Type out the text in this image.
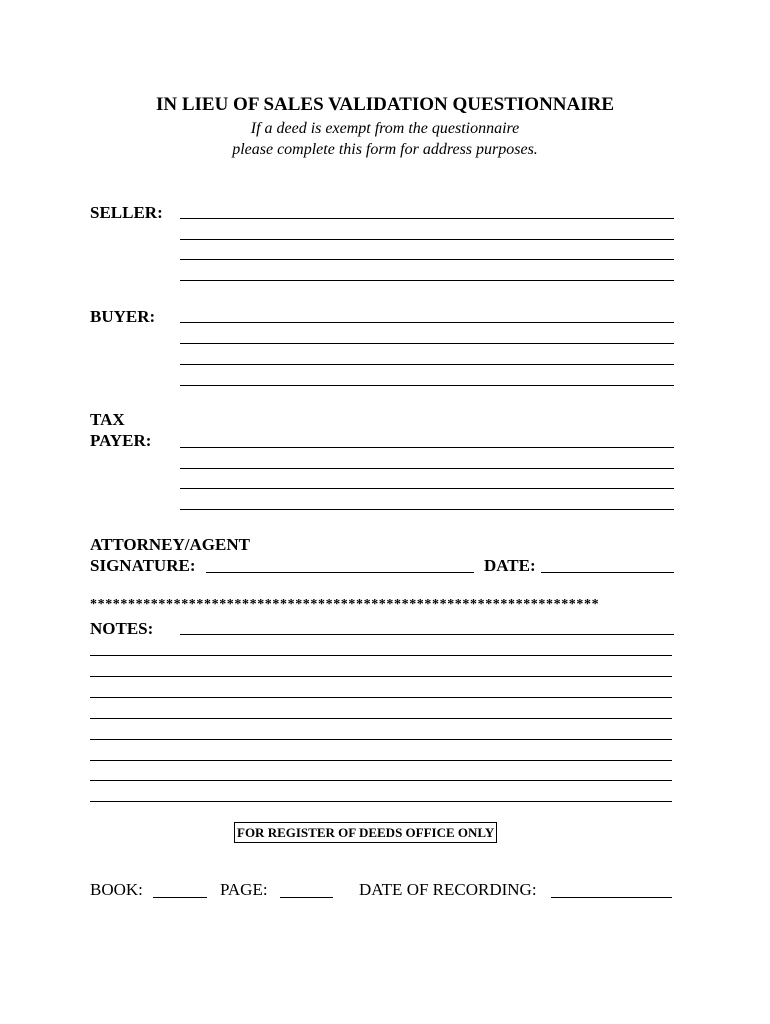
IN LIEU OF SALES VALIDATION QUESTIONNAIRE
If a deed is exempt from the questionnaire
please complete this form for address purposes.
SELLER:
BUYER:
TAX
PAYER:
ATTORNEY/AGENT
SIGNATURE:	DATE:
*******************************************************************
NOTES:
FOR REGISTER OF DEEDS OFFICE ONLY
BOOK:	PAGE:	DATE OF RECORDING:
